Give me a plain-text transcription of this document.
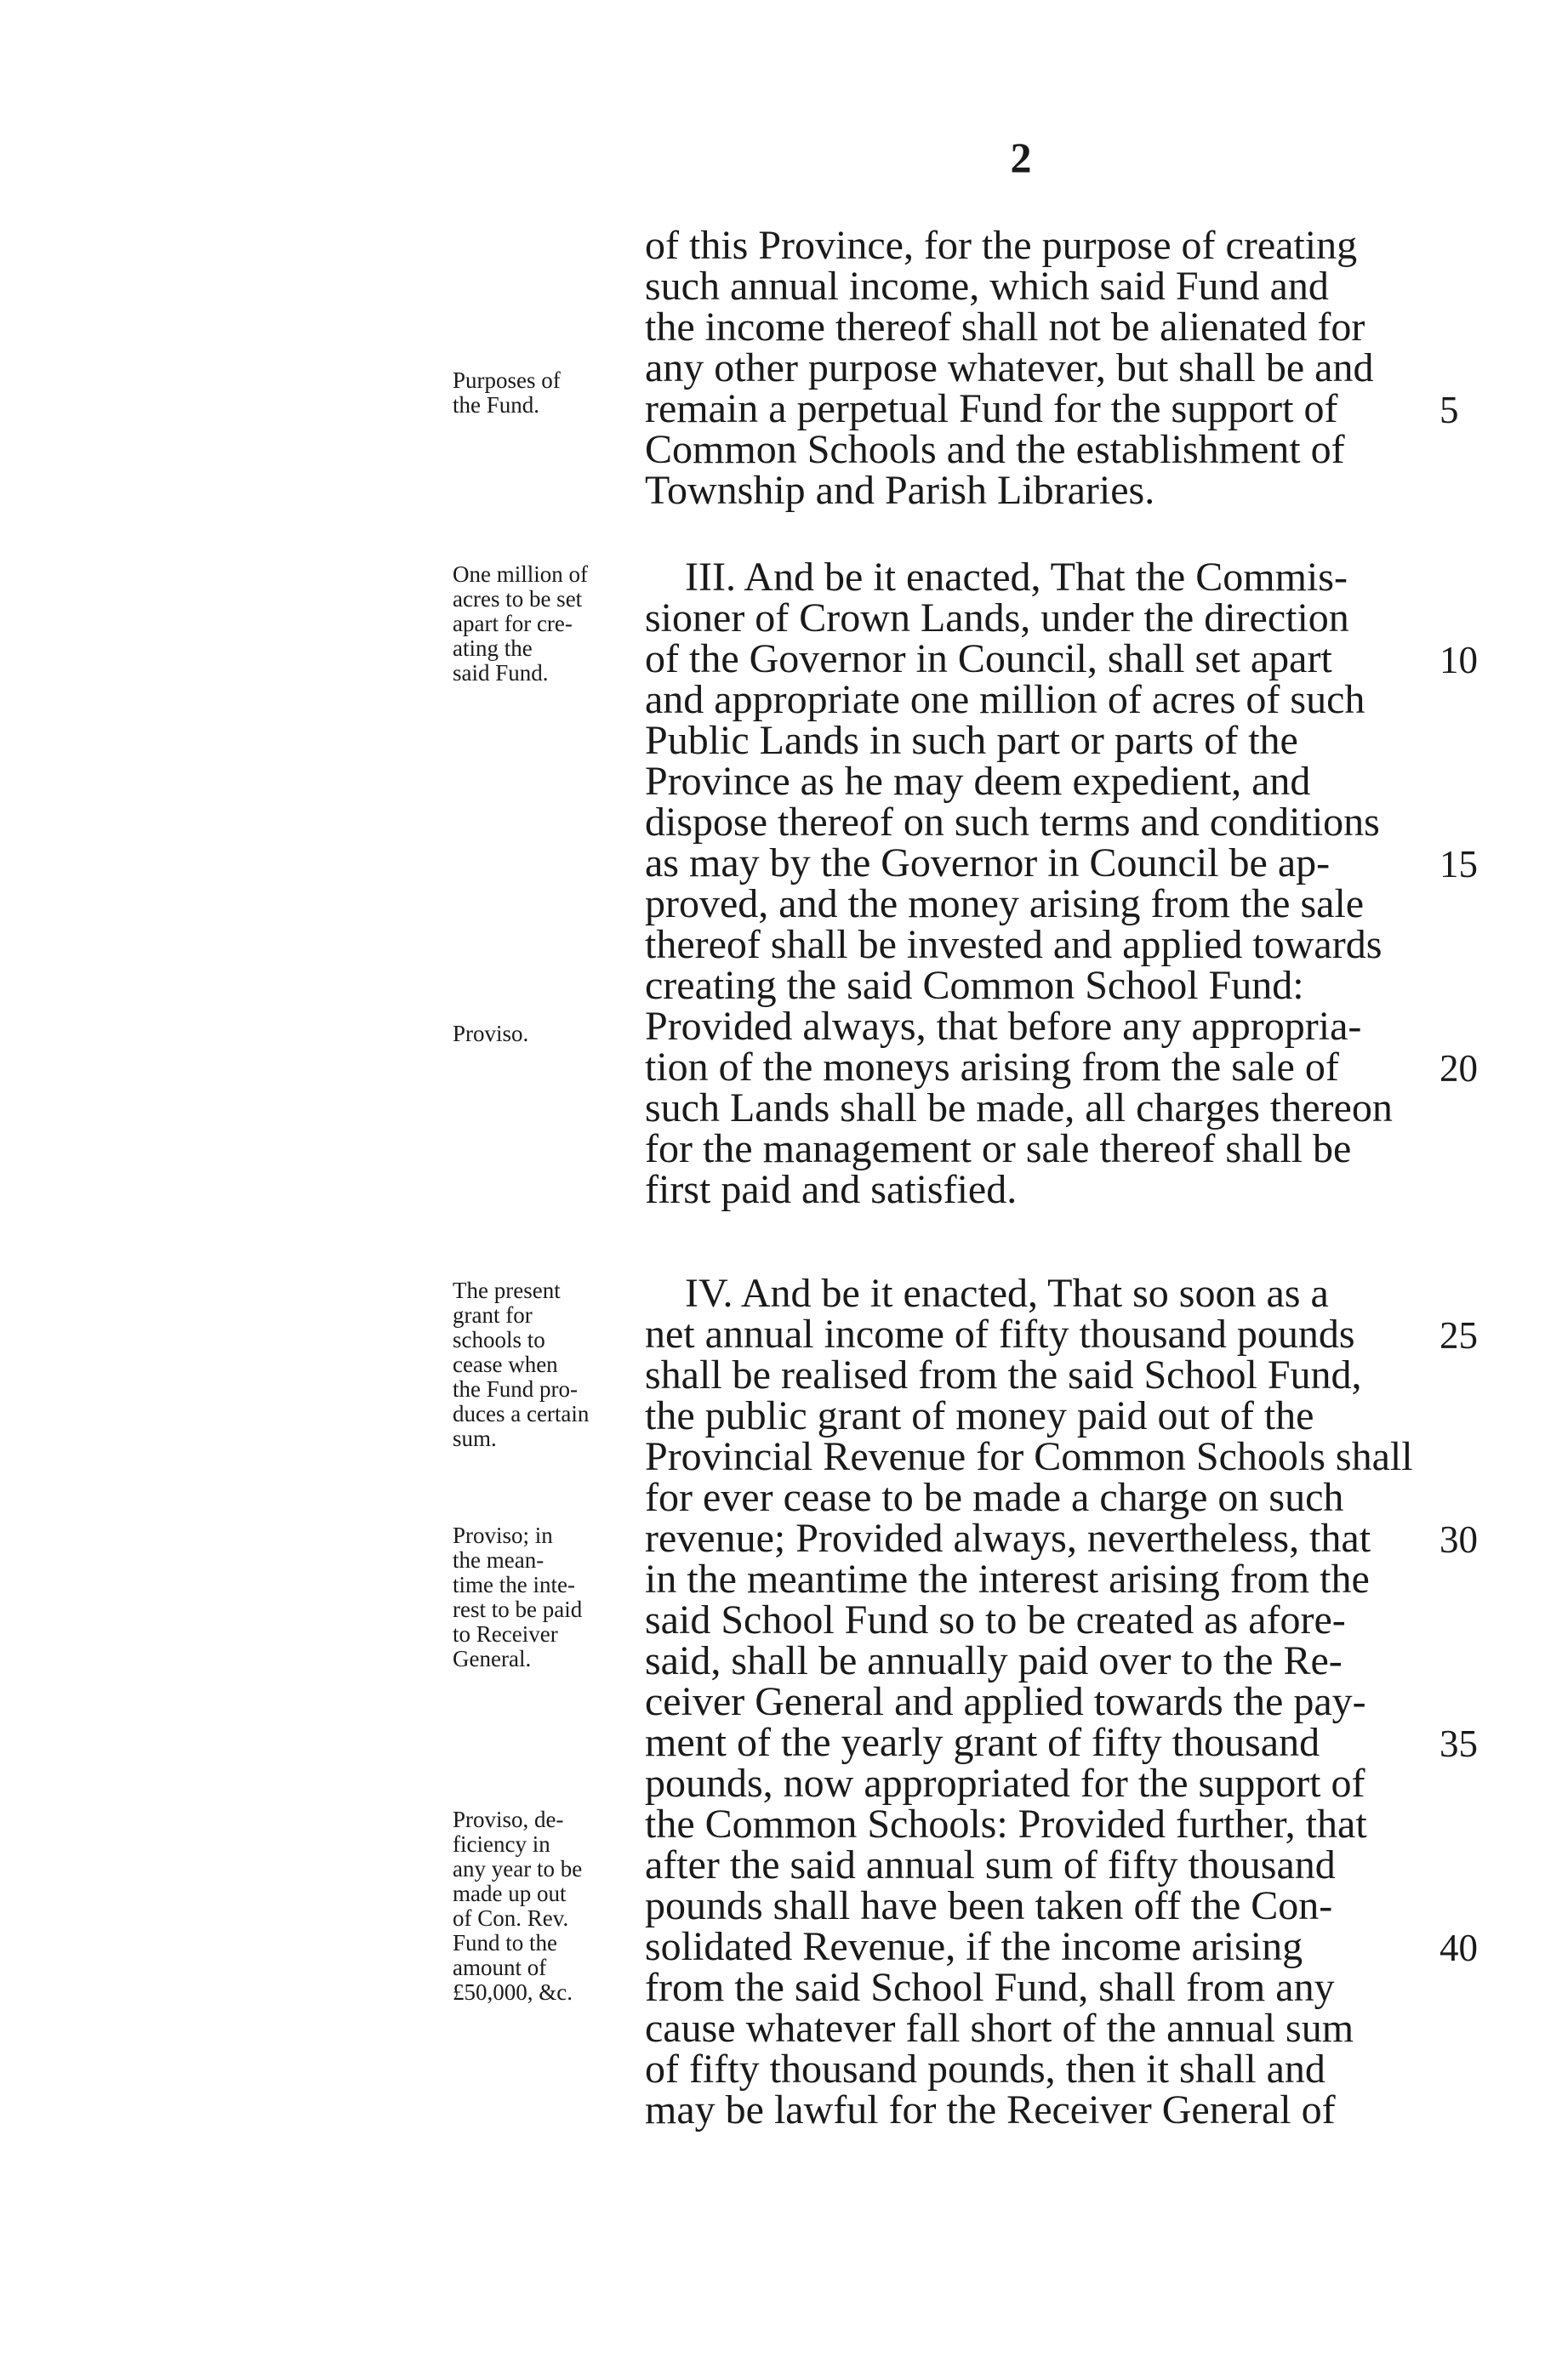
2
of this Province, for the purpose of creating
such annual income, which said Fund and
the income thereof shall not be alienated for
any other purpose whatever, but shall be and
remain a perpetual Fund for the support of
Common Schools and the establishment of
Township and Parish Libraries.
III. And be it enacted, That the Commis-
sioner of Crown Lands, under the direction
of the Governor in Council, shall set apart
and appropriate one million of acres of such
Public Lands in such part or parts of the
Province as he may deem expedient, and
dispose thereof on such terms and conditions
as may by the Governor in Council be ap-
proved, and the money arising from the sale
thereof shall be invested and applied towards
creating the said Common School Fund:
Provided always, that before any appropria-
tion of the moneys arising from the sale of
such Lands shall be made, all charges thereon
for the management or sale thereof shall be
first paid and satisfied.
IV. And be it enacted, That so soon as a
net annual income of fifty thousand pounds
shall be realised from the said School Fund,
the public grant of money paid out of the
Provincial Revenue for Common Schools shall
for ever cease to be made a charge on such
revenue; Provided always, nevertheless, that
in the meantime the interest arising from the
said School Fund so to be created as afore-
said, shall be annually paid over to the Re-
ceiver General and applied towards the pay-
ment of the yearly grant of fifty thousand
pounds, now appropriated for the support of
the Common Schools: Provided further, that
after the said annual sum of fifty thousand
pounds shall have been taken off the Con-
solidated Revenue, if the income arising
from the said School Fund, shall from any
cause whatever fall short of the annual sum
of fifty thousand pounds, then it shall and
may be lawful for the Receiver General of
5
10
15
20
25
30
35
40
Purposes of
the Fund.
One million of
acres to be set
apart for cre-
ating the
said Fund.
Proviso.
The present
grant for
schools to
cease when
the Fund pro-
duces a certain
sum.
Proviso; in
the mean-
time the inte-
rest to be paid
to Receiver
General.
Proviso, de-
ficiency in
any year to be
made up out
of Con. Rev.
Fund to the
amount of
£50,000, &c.
